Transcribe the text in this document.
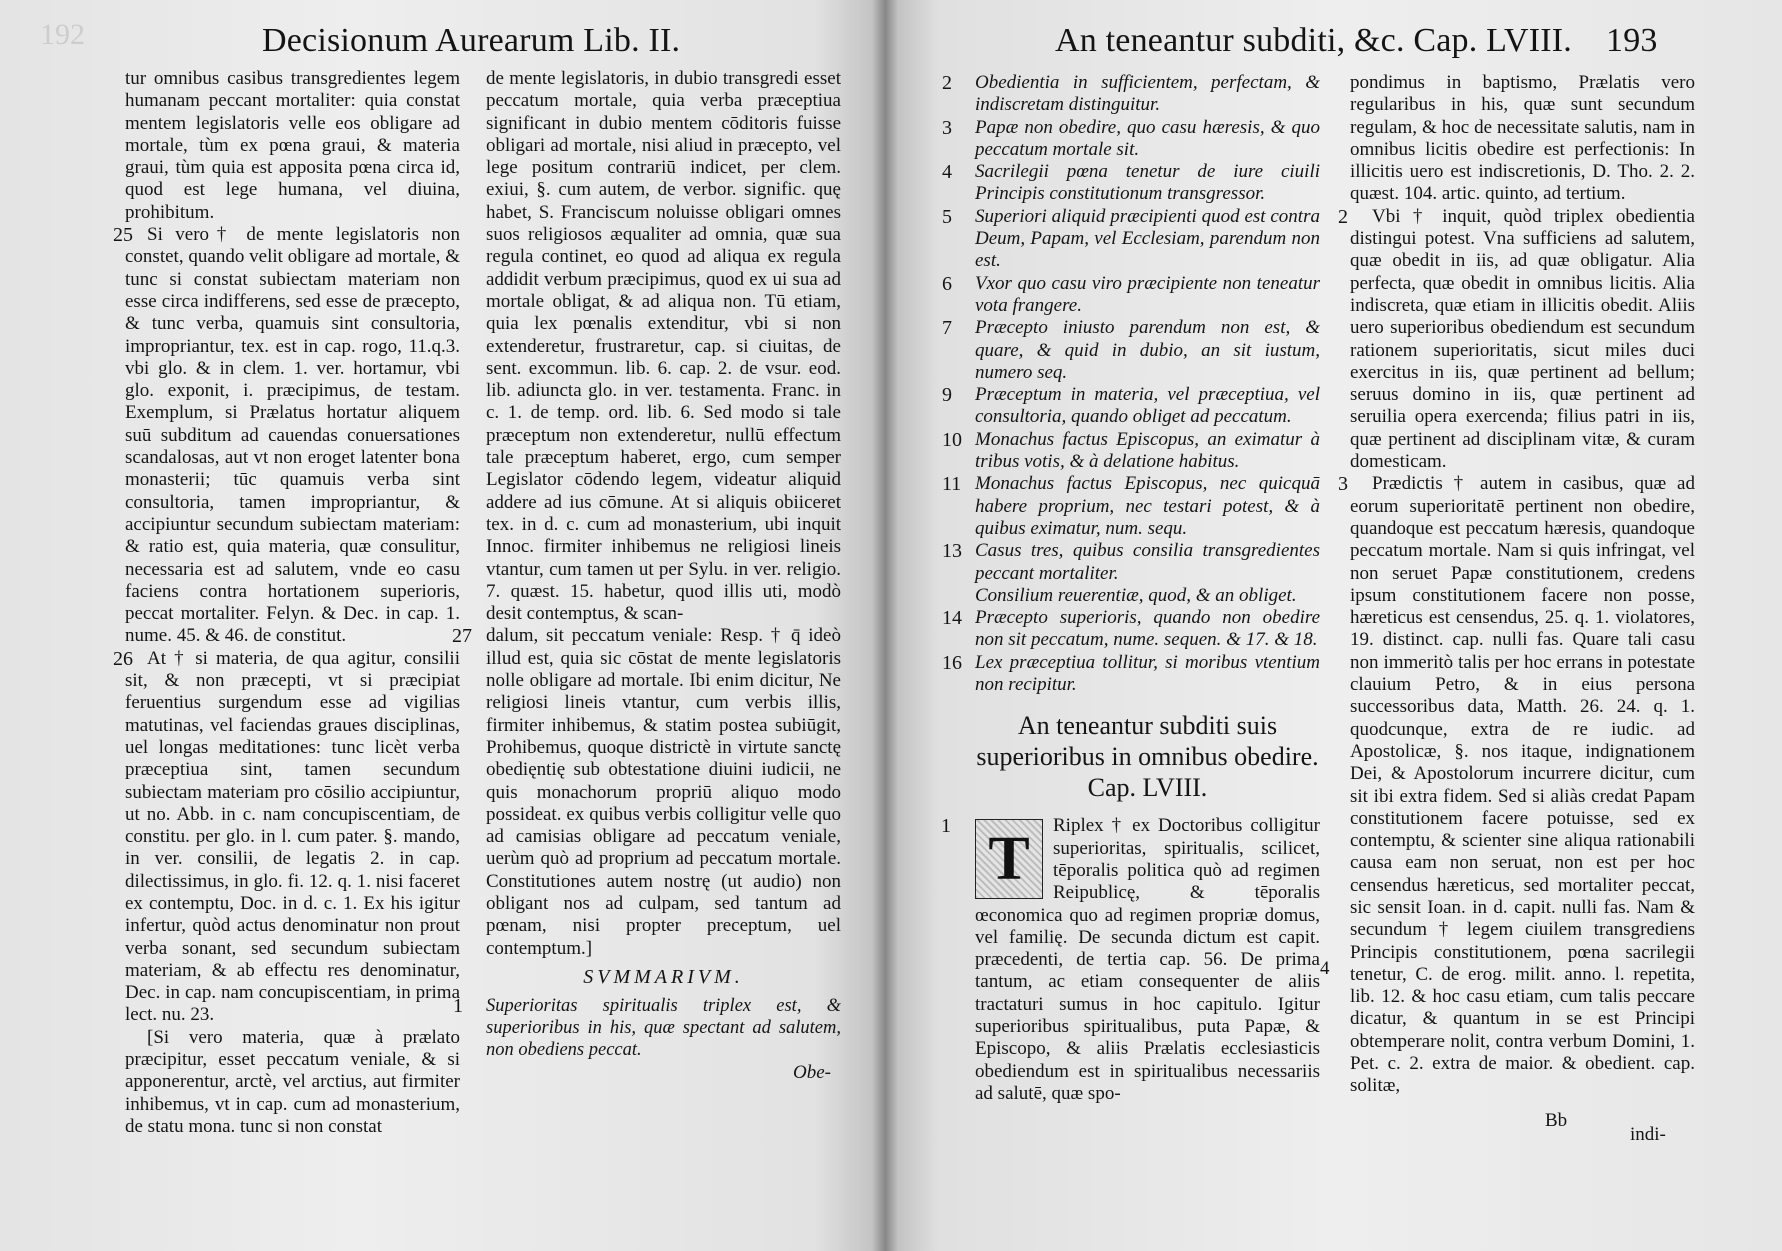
192	Decisionum Aurearum Lib. II.

tur omnibus casibus transgredientes legem humanam peccant mortaliter: quia constat mentem legislatoris velle eos obligare ad mortale, tùm ex pœna graui, & materia graui, tùm quia est apposita pœna circa id, quod est lege humana, vel diuina, prohibitum.

25 Si vero† de mente legislatoris non constet, quando velit obligare ad mortale, & tunc si constat subiectam materiam non esse circa indifferens, sed esse de præcepto, & tunc verba, quamuis sint consultoria, impropriantur, tex. est in cap. rogo, 11.q.3. vbi glo. & in clem. 1. ver. hortamur, vbi glo. exponit, i. præcipimus, de testam. Exemplum, si Prælatus hortatur aliquem suū subditum ad cauendas conuersationes scandalosas, aut vt non eroget latenter bona monasterii; tūc quamuis verba sint consultoria, tamen impropriantur, & accipiuntur secundum subiectam materiam: & ratio est, quia materia, quæ consulitur, necessaria est ad salutem, vnde eo casu faciens contra hortationem superioris, peccat mortaliter. Felyn. & Dec. in cap. 1. nume. 45. & 46. de constitut.

26 At † si materia, de qua agitur, consilii sit, & non præcepti, vt si præcipiat feruentius surgendum esse ad vigilias matutinas, vel faciendas graues disciplinas, uel longas meditationes: tunc licèt verba præceptiua sint, tamen secundum subiectam materiam pro cōsilio accipiuntur, ut no. Abb. in c. nam concupiscentiam, de constitu. per glo. in l. cum pater. §. mando, in ver. consilii, de legatis 2. in cap. dilectissimus, in glo. fi. 12. q. 1. nisi faceret ex contemptu, Doc. in d. c. 1. Ex his igitur infertur, quòd actus denominatur non prout verba sonant, sed secundum subiectam materiam, & ab effectu res denominatur, Dec. in cap. nam concupiscentiam, in prima lect. nu. 23.

[Si vero materia, quæ à prælato præcipitur, esset peccatum veniale, & si apponerentur, arctè, vel arctius, aut firmiter inhibemus, vt in cap. cum ad monasterium, de statu mona. tunc si non constat

de mente legislatoris, in dubio transgredi esset peccatum mortale, quia verba præceptiua significant in dubio mentem cōditoris fuisse obligari ad mortale, nisi aliud in præcepto, vel lege positum contrariū indicet, per clem. exiui, §. cum autem, de verbor. signific. quę habet, S. Franciscum noluisse obligari omnes suos religiosos æqualiter ad omnia, quæ sua regula continet, eo quod ad aliqua ex regula addidit verbum præcipimus, quod ex ui sua ad mortale obligat, & ad aliqua non. Tū etiam, quia lex pœnalis extenditur, vbi si non extenderetur, frustraretur, cap. si ciuitas, de sent. excommun. lib. 6. cap. 2. de vsur. eod. lib. adiuncta glo. in ver. testamenta. Franc. in c. 1. de temp. ord. lib. 6. Sed modo si tale præceptum non extenderetur, nullū effectum tale præceptum haberet, ergo, cum semper Legislator cōdendo legem, videatur aliquid addere ad ius cōmune. At si aliquis obiiceret tex. in d. c. cum ad monasterium, ubi inquit Innoc. firmiter inhibemus ne religiosi lineis vtantur, cum tamen ut per Sylu. in ver. religio. 7. quæst. 15. habetur, quod illis uti, modò desit contemptus, & scan-

27 dalum, sit peccatum veniale: Resp. † q̄ ideò illud est, quia sic cōstat de mente legislatoris nolle obligare ad mortale. Ibi enim dicitur, Ne religiosi lineis vtantur, cum verbis illis, firmiter inhibemus, & statim postea subiūgit, Prohibemus, quoque districtè in virtute sanctę obedięntię sub obtestatione diuini iudicii, ne quis monachorum propriū aliquo modo possideat. ex quibus verbis colligitur velle quo ad camisias obligare ad peccatum veniale, uerùm quò ad proprium ad peccatum mortale. Constitutiones autem nostrę (ut audio) non obligant nos ad culpam, sed tantum ad pœnam, nisi propter preceptum, uel contemptum.]

SVMMARIVM.

1 Superioritas spiritualis triplex est, & superioribus in his, quæ spectant ad salutem, non obediens peccat.

Obe-
An teneantur subditi, &c. Cap. LVIII. 193

2 Obedientia in sufficientem, perfectam, & indiscretam distinguitur.

3 Papæ non obedire, quo casu hæresis, & quo peccatum mortale sit.

4 Sacrilegii pœna tenetur de iure ciuili Principis constitutionum transgressor.

5 Superiori aliquid præcipienti quod est contra Deum, Papam, vel Ecclesiam, parendum non est.

6 Vxor quo casu viro præcipiente non teneatur vota frangere.

7 Præcepto iniusto parendum non est, & quare, & quid in dubio, an sit iustum, numero seq.

9 Præceptum in materia, vel præceptiua, vel consultoria, quando obliget ad peccatum.

10 Monachus factus Episcopus, an eximatur à tribus votis, & à delatione habitus.

11 Monachus factus Episcopus, nec quicquā habere proprium, nec testari potest, & à quibus eximatur, num. sequ.

13 Casus tres, quibus consilia transgredientes peccant mortaliter.

Consilium reuerentiæ, quod, & an obliget.

14 Præcepto superioris, quando non obedire non sit peccatum, nume. sequen. & 17. & 18.

16 Lex præceptiua tollitur, si moribus vtentium non recipitur.

An teneantur subditi suis superioribus in omnibus obedire. Cap. LVIII.

1 T	Riplex † ex Doctoribus colligitur superioritas, spiritualis, scilicet, tēporalis politica quò ad regimen Reipublicę, & tēporalis œconomica quo ad regimen propriæ domus, vel familię. De secunda dictum est capit. præcedenti, de tertia cap. 56. De prima tantum, ac etiam consequenter de aliis tractaturi sumus in hoc capitulo. Igitur superioribus spiritualibus, puta Papæ, & Episcopo, & aliis Prælatis ecclesiasticis obediendum est in spiritualibus necessariis ad salutē, quæ spo-

pondimus in baptismo, Prælatis vero regularibus in his, quæ sunt secundum regulam, & hoc de necessitate salutis, nam in omnibus licitis obedire est perfectionis: In illicitis uero est indiscretionis, D. Tho. 2. 2. quæst. 104. artic. quinto, ad tertium.

2 Vbi † inquit, quòd triplex obedientia distingui potest. Vna sufficiens ad salutem, quæ obedit in iis, ad quæ obligatur. Alia perfecta, quæ obedit in omnibus licitis. Alia indiscreta, quæ etiam in illicitis obedit. Aliis uero superioribus obediendum est secundum rationem superioritatis, sicut miles duci exercitus in iis, quæ pertinent ad bellum; seruus domino in iis, quæ pertinent ad seruilia opera exercenda; filius patri in iis, quæ pertinent ad disciplinam vitæ, & curam domesticam.

3 Prædictis † autem in casibus, quæ ad eorum superioritatē pertinent non obedire, quandoque est peccatum hæresis, quandoque peccatum mortale. Nam si quis infringat, vel non seruet Papæ constitutionem, credens ipsum constitutionem facere non posse, hæreticus est censendus, 25. q. 1. violatores, 19. distinct. cap. nulli fas. Quare tali casu non immeritò talis per hoc errans in potestate clauium Petro, & in eius persona successoribus data, Matth. 26. 24. q. 1. quodcunque, extra de re iudic. ad Apostolicæ, §. nos itaque, indignationem Dei, & Apostolorum incurrere dicitur, cum sit ibi extra fidem. Sed si aliàs credat Papam constitutionem facere potuisse, sed ex contemptu, & scienter sine aliqua rationabili causa eam non seruat, non est per hoc censendus hæreticus, sed mortaliter peccat, sic sensit Ioan. in d. capit. nulli fas. Nam & secundum † legem ciuilem transgrediens Principis constitutionem, pœna sacrilegii tenetur, C. de erog. milit. anno. l. repetita, lib. 12. & hoc casu etiam, cum talis peccare dicatur, & quantum in se est Principi obtemperare nolit, contra verbum Domini, 1. Pet. c. 2. extra de maior. & obedient. cap. solitæ,

Bb
indi-
4
